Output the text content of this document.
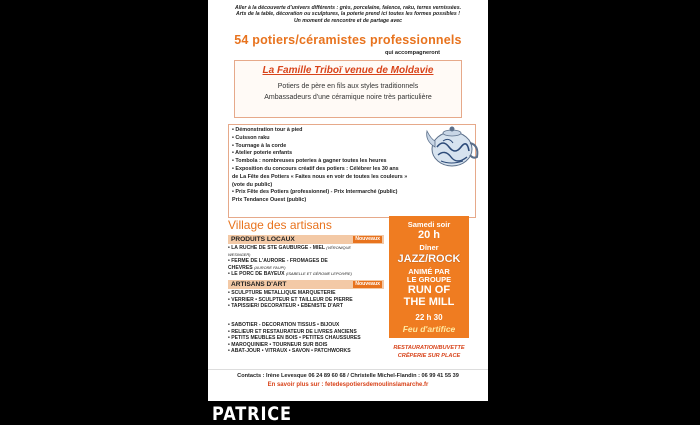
Aller à la découverte d'univers différents : grès, porcelaine, faïence, raku, terres vernissées.
Arts de la table, décoration ou sculptures, la poterie prend ici toutes les formes possibles !
Un moment de rencontre et de partage avec
54 potiers/céramistes professionnels
qui accompagneront
La Famille Triboï venue de Moldavie
Potiers de père en fils aux styles traditionnels
Ambassadeurs d'une céramique noire très particulière
• Démonstration tour à pied
• Cuisson raku
• Tournage à la corde
• Atelier poterie enfants
• Tombola : nombreuses poteries à gagner toutes les heures
• Exposition du concours créatif des potiers : Célébrer les 30 ans
de La Fête des Potiers « Faites nous en voir de toutes les couleurs »
(vote du public)
• Prix Fête des Potiers (professionnel) - Prix Intermarché (public)
Prix Tendance Ouest (public)
Village des artisans
PRODUITS LOCAUX	Nouveaux
• LA RUCHE DE STE GAUBURGE - MIEL (VÉRONIQUE
WESINGER)
• FERME DE L'AURORE - FROMAGES DE
CHÈVRES (AURORE FAUP!)
• LE PORC DE BAYEUX (ISABELLE ET GÉROME LEPOIVRE)
ARTISANS D'ART	Nouveaux
• SCULPTURE MÉTALLIQUE MARQUETERIE
• VERRIER • SCULPTEUR ET TAILLEUR DE PIERRE
• TAPISSIER/ DÉCORATEUR • ÉBÉNISTE D'ART
• SABOTIER - DÉCORATION TISSUS • BIJOUX
• RELIEUR ET RESTAURATEUR DE LIVRES ANCIENS
• PETITS MEUBLES EN BOIS • PETITES CHAUSSURES
• MAROQUINIER • TOURNEUR SUR BOIS
• ABAT-JOUR • VITRAUX • SAVON • PATCHWORKS
Samedi soir
20 h
Dîner
JAZZ/ROCK
ANIMÉ PAR
LE GROUPE
RUN OF
THE MILL
22 h 30
Feu d'artifice
RESTAURATION/BUVETTE
CRÊPERIE SUR PLACE
Contacts : Irène Levesque 06 24 89 60 68 / Christelle Michel-Flandin : 06 99 41 55 39
En savoir plus sur : fetedespotiersdemoulinslamarche.fr
PATRICE
